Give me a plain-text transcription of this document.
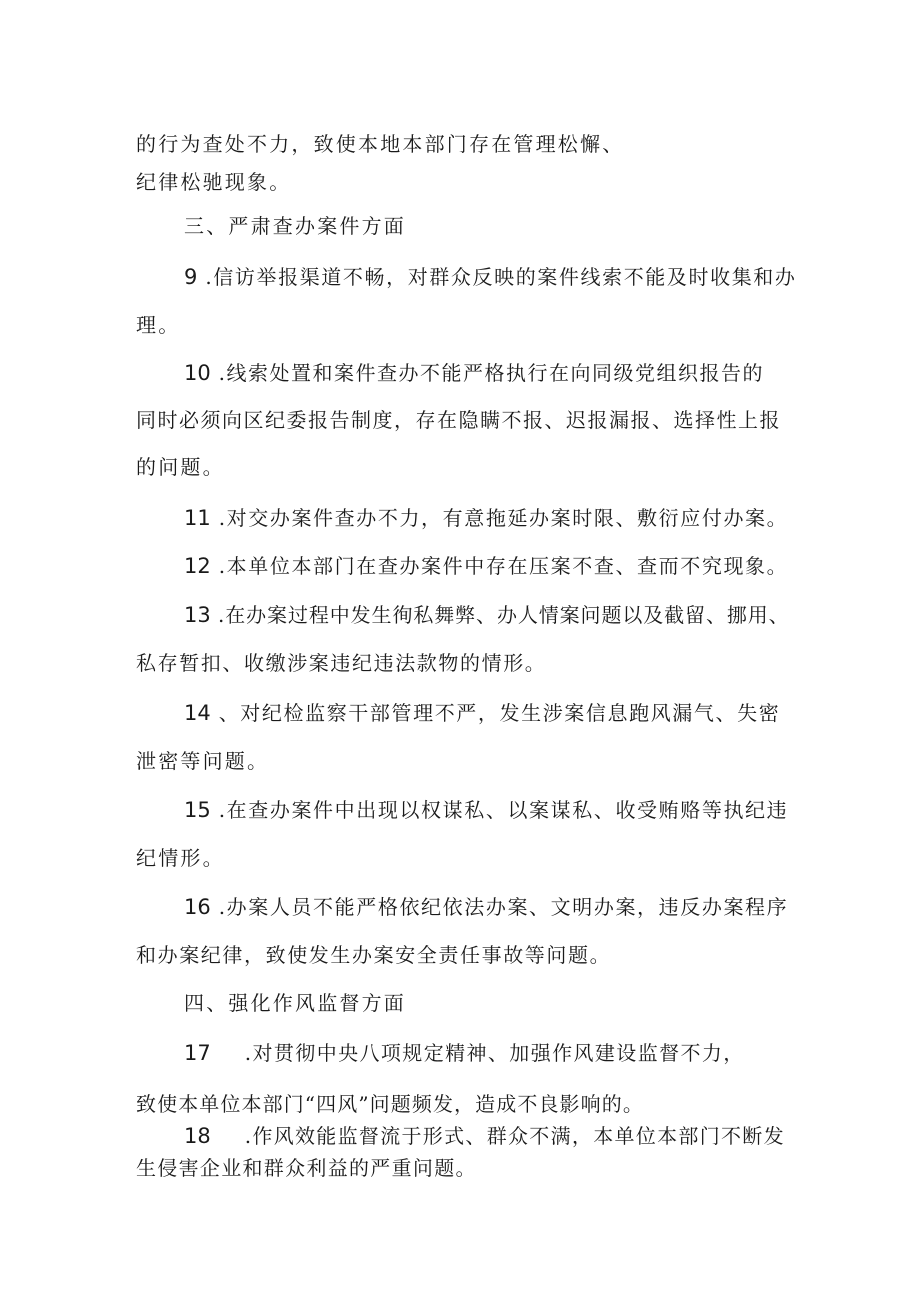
的行为查处不力，致使本地本部门存在管理松懈、
纪律松驰现象。
三、严肃查办案件方面
9 .信访举报渠道不畅，对群众反映的案件线索不能及时收集和办
理。
10 .线索处置和案件查办不能严格执行在向同级党组织报告的
同时必须向区纪委报告制度，存在隐瞒不报、迟报漏报、选择性上报
的问题。
11 .对交办案件查办不力，有意拖延办案时限、敷衍应付办案。
12 .本单位本部门在查办案件中存在压案不查、查而不究现象。
13 .在办案过程中发生徇私舞弊、办人情案问题以及截留、挪用、
私存暂扣、收缴涉案违纪违法款物的情形。
14 、对纪检监察干部管理不严，发生涉案信息跑风漏气、失密
泄密等问题。
15 .在查办案件中出现以权谋私、以案谋私、收受贿赂等执纪违
纪情形。
16 .办案人员不能严格依纪依法办案、文明办案，违反办案程序
和办案纪律，致使发生办案安全责任事故等问题。
四、强化作风监督方面
17 .对贯彻中央八项规定精神、加强作风建设监督不力，
致使本单位本部门“四风”问题频发，造成不良影响的。
18 .作风效能监督流于形式、群众不满，本单位本部门不断发
生侵害企业和群众利益的严重问题。
